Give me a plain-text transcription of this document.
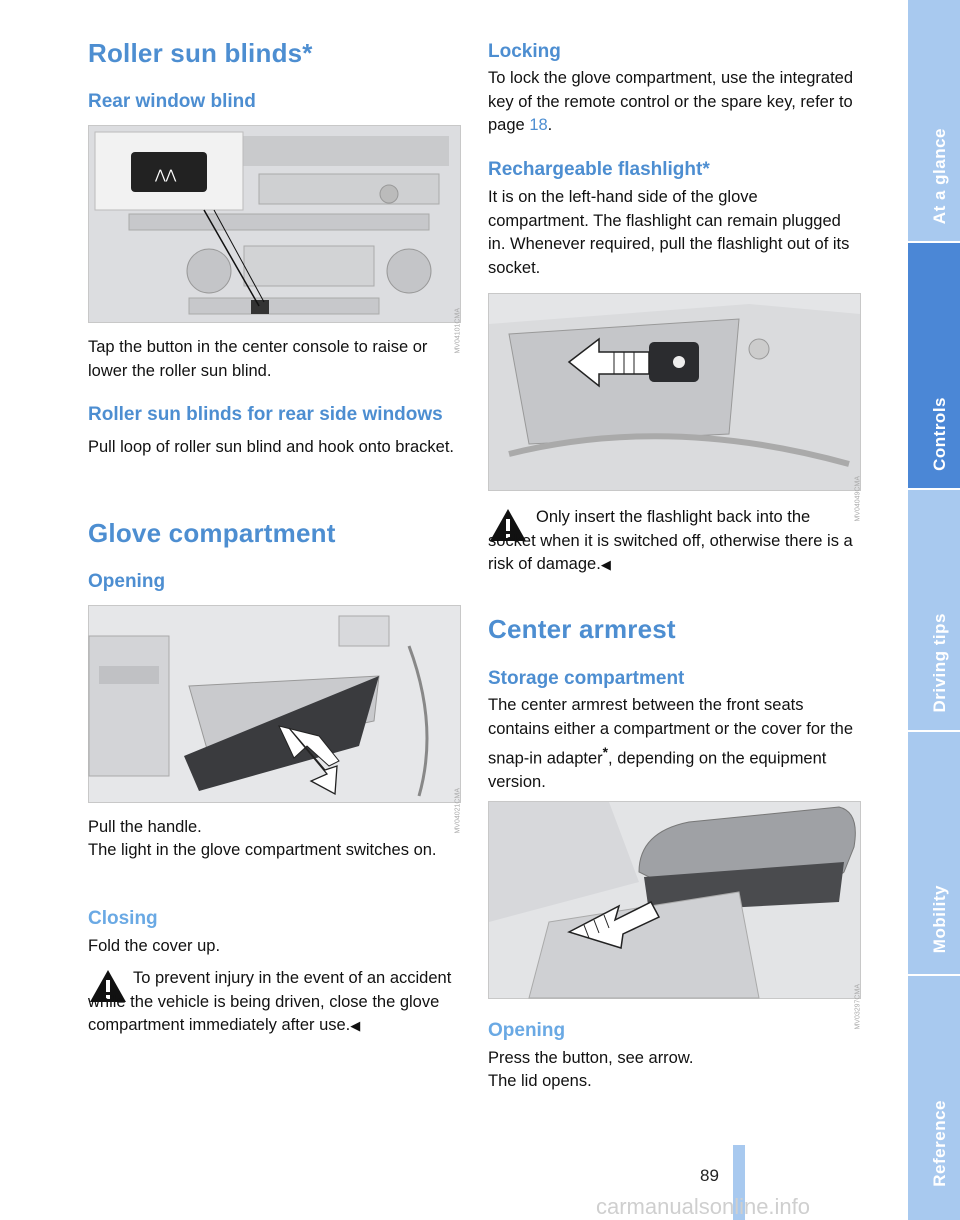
Roller sun blinds*
Rear window blind
⋀⋀
MV04101CMA
Tap the button in the center console to raise or lower the roller sun blind.
Roller sun blinds for rear side windows
Pull loop of roller sun blind and hook onto bracket.
Glove compartment
Opening
MV04021CMA
Pull the handle.
The light in the glove compartment switches on.
Closing
Fold the cover up.
To prevent injury in the event of an accident while the vehicle is being driven, close the glove compartment immediately after use.◀
Locking
To lock the glove compartment, use the integrated key of the remote control or the spare key, refer to page 18.
Rechargeable flashlight*
It is on the left-hand side of the glove compartment. The flashlight can remain plugged in. Whenever required, pull the flashlight out of its socket.
MV04049CMA
Only insert the flashlight back into the socket when it is switched off, otherwise there is a risk of damage.◀
Center armrest
Storage compartment
The center armrest between the front seats contains either a compartment or the cover for the snap-in adapter*, depending on the equipment version.
MV03297CMA
Opening
Press the button, see arrow.
The lid opens.
At a glance
Controls
Driving tips
Mobility
Reference
89
carmanualsonline.info
